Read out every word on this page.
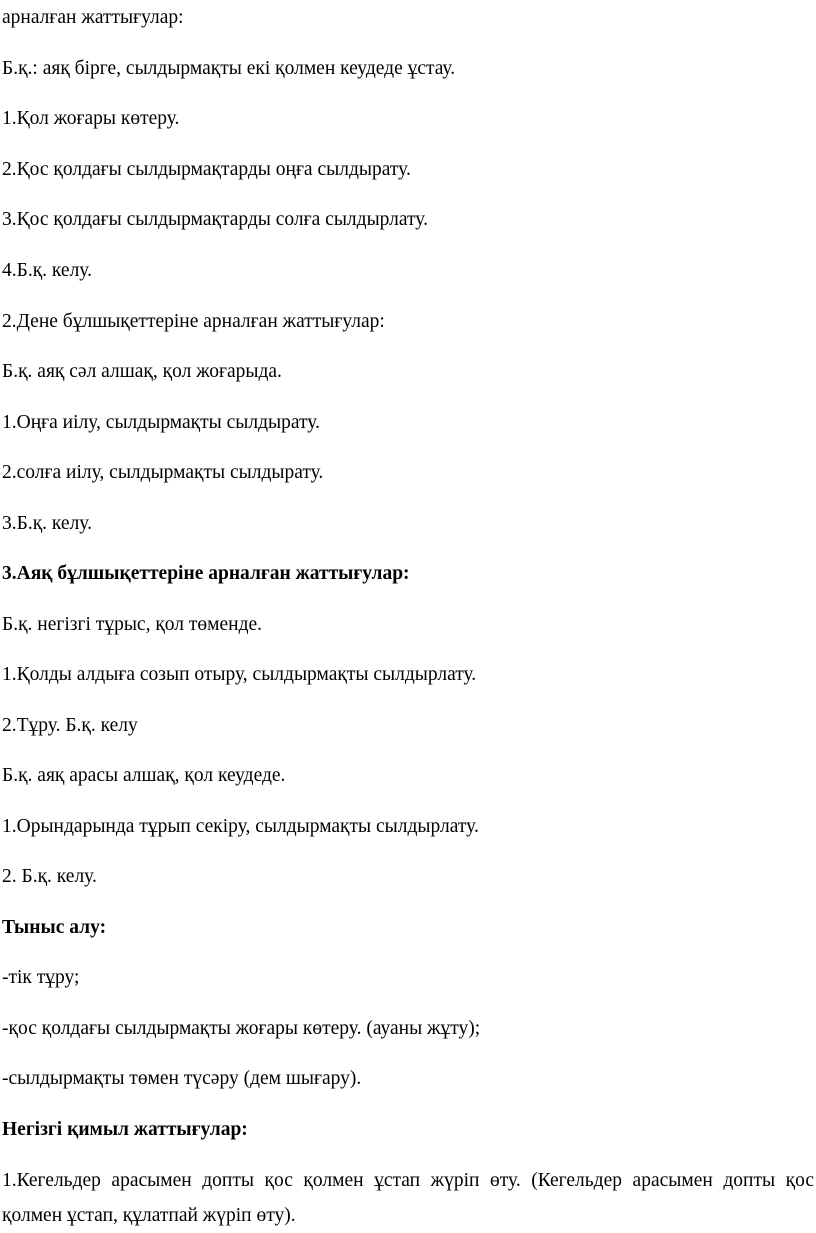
арналған жаттығулар:
Б.қ.: аяқ бірге, сылдырмақты екі қолмен кеудеде ұстау.
1.Қол жоғары көтеру.
2.Қос қолдағы сылдырмақтарды оңға сылдырату.
3.Қос қолдағы сылдырмақтарды солға сылдырлату.
4.Б.қ. келу.
2.Дене бұлшықеттеріне арналған жаттығулар:
Б.қ. аяқ сәл алшақ, қол жоғарыда.
1.Оңға иілу, сылдырмақты сылдырату.
2.солға иілу, сылдырмақты сылдырату.
3.Б.қ. келу.
3.Аяқ бұлшықеттеріне арналған жаттығулар:
Б.қ. негізгі тұрыс, қол төменде.
1.Қолды алдыға созып отыру, сылдырмақты сылдырлату.
2.Тұру. Б.қ. келу
Б.қ. аяқ арасы алшақ, қол кеудеде.
1.Орындарында тұрып секіру, сылдырмақты сылдырлату.
2. Б.қ. келу.
Тыныс алу:
-тік тұру;
-қос қолдағы сылдырмақты жоғары көтеру. (ауаны жұту);
-сылдырмақты төмен түсәру (дем шығару).
Негізгі қимыл жаттығулар:
1.Кегельдер арасымен допты қос қолмен ұстап жүріп өту. (Кегельдер арасымен допты қос қолмен ұстап, құлатпай жүріп өту).
